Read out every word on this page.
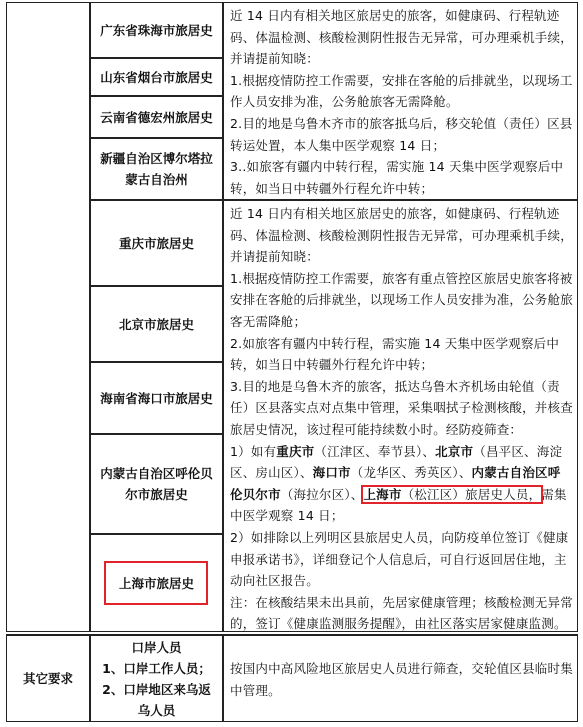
广东省珠海市旅居史
山东省烟台市旅居史
云南省德宏州旅居史
新疆自治区博尔塔拉蒙古自治州
重庆市旅居史
北京市旅居史
海南省海口市旅居史
内蒙古自治区呼伦贝尔市旅居史
上海市旅居史

近 14 日内有相关地区旅居史的旅客，如健康码、行程轨迹码、体温检测、核酸检测阴性报告无异常，可办理乘机手续，并请提前知晓：

1.根据疫情防控工作需要，安排在客舱的后排就坐，以现场工作人员安排为准，公务舱旅客无需降舱。

2.目的地是乌鲁木齐市的旅客抵乌后，移交轮值（责任）区县转运处置，本人集中医学观察 14 日；

3..如旅客有疆内中转行程，需实施 14 天集中医学观察后中转，如当日中转疆外行程允许中转；

近 14 日内有相关地区旅居史的旅客，如健康码、行程轨迹码、体温检测、核酸检测阴性报告无异常，可办理乘机手续，并请提前知晓：

1.根据疫情防控工作需要，旅客有重点管控区旅居史旅客将被安排在客舱的后排就坐，以现场工作人员安排为准，公务舱旅客无需降舱；

2.如旅客有疆内中转行程，需实施 14 天集中医学观察后中转，如当日中转疆外行程允许中转；

3.目的地是乌鲁木齐的旅客，抵达乌鲁木齐机场由轮值（责任）区县落实点对点集中管理，采集咽拭子检测核酸，并核查旅居史情况，该过程可能持续数小时。经防疫筛查：

1）如有重庆市（江津区、奉节县）、北京市（昌平区、海淀区、房山区）、海口市（龙华区、秀英区）、内蒙古自治区呼伦贝尔市（海拉尔区）、上海市（松江区）旅居史人员，需集中医学观察 14 日；

2）如排除以上列明区县旅居史人员，向防疫单位签订《健康申报承诺书》，详细登记个人信息后，可自行返回居住地，主动向社区报告。

注：在核酸结果未出具前，先居家健康管理；核酸检测无异常的，签订《健康监测服务提醒》，由社区落实居家健康监测。

其它要求
口岸人员
1、口岸工作人员；
2、口岸地区来乌返乌人员

按国内中高风险地区旅居史人员进行筛查，交轮值区县临时集中管理。
